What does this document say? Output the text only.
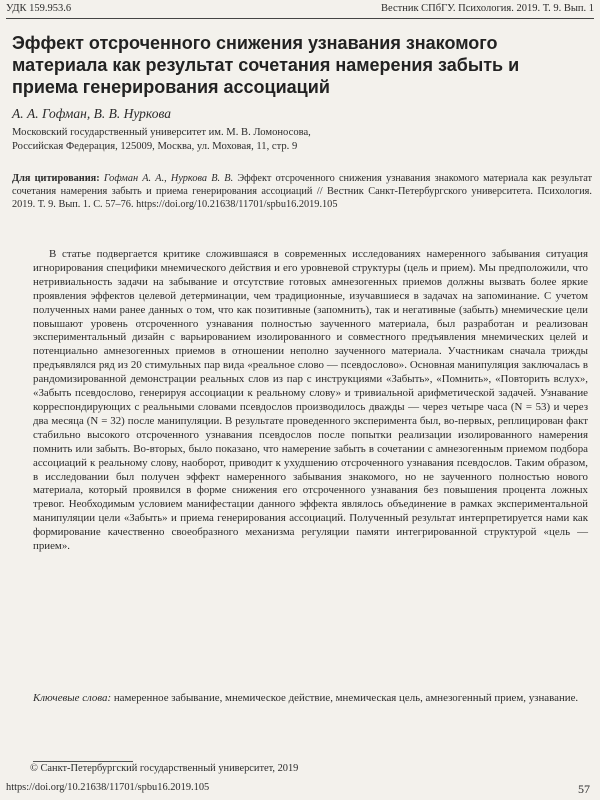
УДК 159.953.6	Вестник СПбГУ. Психология. 2019. Т. 9. Вып. 1
Эффект отсроченного снижения узнавания знакомого материала как результат сочетания намерения забыть и приема генерирования ассоциаций
А. А. Гофман, В. В. Нуркова
Московский государственный университет им. М. В. Ломоносова,
Российская Федерация, 125009, Москва, ул. Моховая, 11, стр. 9
Для цитирования: Гофман А. А., Нуркова В. В. Эффект отсроченного снижения узнавания знакомого материала как результат сочетания намерения забыть и приема генерирования ассоциаций // Вестник Санкт-Петербургского университета. Психология. 2019. Т. 9. Вып. 1. С. 57–76. https://doi.org/10.21638/11701/spbu16.2019.105

В статье подвергается критике сложившаяся в современных исследованиях намеренного забывания ситуация игнорирования специфики мнемического действия и его уровневой структуры (цель и прием). Мы предположили, что нетривиальность задачи на забывание и отсутствие готовых амнезогенных приемов должны вызвать более яркие проявления эффектов целевой детерминации, чем традиционные, изучавшиеся в задачах на запоминание. С учетом полученных нами ранее данных о том, что как позитивные (запомнить), так и негативные (забыть) мнемические цели повышают уровень отсроченного узнавания полностью заученного материала, был разработан и реализован экспериментальный дизайн с варьированием изолированного и совместного предъявления мнемических целей и потенциально амнезогенных приемов в отношении неполно заученного материала. Участникам сначала трижды предъявлялся ряд из 20 стимульных пар вида «реальное слово — псевдослово». Основная манипуляция заключалась в рандомизированной демонстрации реальных слов из пар с инструкциями «Забыть», «Помнить», «Повторить вслух», «Забыть псевдослово, генерируя ассоциации к реальному слову» и тривиальной арифметической задачей. Узнавание корреспондирующих с реальными словами псевдослов производилось дважды — через четыре часа (N = 53) и через два месяца (N = 32) после манипуляции. В результате проведенного эксперимента был, во-первых, реплицирован факт стабильно высокого отсроченного узнавания псевдослов после попытки реализации изолированного намерения помнить или забыть. Во-вторых, было показано, что намерение забыть в сочетании с амнезогенным приемом подбора ассоциаций к реальному слову, наоборот, приводит к ухудшению отсроченного узнавания псевдослов. Таким образом, в исследовании был получен эффект намеренного забывания знакомого, но не заученного полностью нового материала, который проявился в форме снижения его отсроченного узнавания без повышения процента ложных тревог. Необходимым условием манифестации данного эффекта являлось объединение в рамках экспериментальной манипуляции цели «Забыть» и приема генерирования ассоциаций. Полученный результат интерпретируется нами как формирование качественно своеобразного механизма регуляции памяти интегрированной структурой «цель — прием».

Ключевые слова: намеренное забывание, мнемическое действие, мнемическая цель, амнезогенный прием, узнавание.
© Санкт-Петербургский государственный университет, 2019
https://doi.org/10.21638/11701/spbu16.2019.105	57
